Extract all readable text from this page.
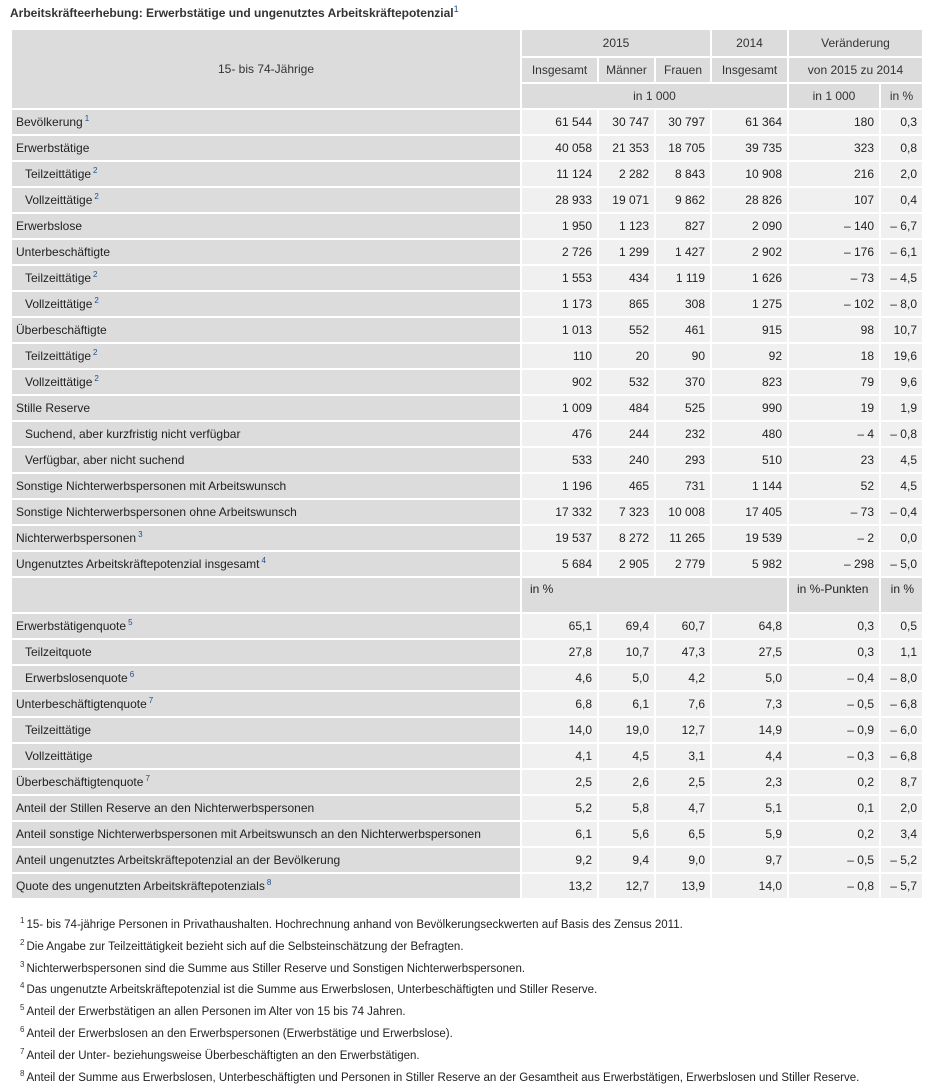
Arbeitskräfteerhebung: Erwerbstätige und ungenutztes Arbeitskräftepotenzial$^1$
15- bis 74-Jährige	2015			2014	Veränderung	
	Insgesamt	Männer	Frauen	Insgesamt	von 2015 zu 2014	
	in 1 000				in 1 000	in %
Bevölkerung $^1$	61 544	30 747	30 797	61 364	180	0,3
Erwerbstätige	40 058	21 353	18 705	39 735	323	0,8
Teilzeittätige $^2$	11 124	2 282	8 843	10 908	216	2,0
Vollzeittätige $^2$	28 933	19 071	9 862	28 826	107	0,4
Erwerbslose	1 950	1 123	827	2 090	– 140	– 6,7
Unterbeschäftigte	2 726	1 299	1 427	2 902	– 176	– 6,1
Teilzeittätige $^2$	1 553	434	1 119	1 626	– 73	– 4,5
Vollzeittätige $^2$	1 173	865	308	1 275	– 102	– 8,0
Überbeschäftigte	1 013	552	461	915	98	10,7
Teilzeittätige $^2$	110	20	90	92	18	19,6
Vollzeittätige $^2$	902	532	370	823	79	9,6
Stille Reserve	1 009	484	525	990	19	1,9
Suchend, aber kurzfristig nicht verfügbar	476	244	232	480	– 4	– 0,8
Verfügbar, aber nicht suchend	533	240	293	510	23	4,5
Sonstige Nichterwerbspersonen mit Arbeitswunsch	1 196	465	731	1 144	52	4,5
Sonstige Nichterwerbspersonen ohne Arbeitswunsch	17 332	7 323	10 008	17 405	– 73	– 0,4
Nichterwerbspersonen $^3$	19 537	8 272	11 265	19 539	– 2	0,0
Ungenutztes Arbeitskräftepotenzial insgesamt $^4$	5 684	2 905	2 779	5 982	– 298	– 5,0
	in %				in %-Punkten	in %
Erwerbstätigenquote $^5$	65,1	69,4	60,7	64,8	0,3	0,5
Teilzeitquote	27,8	10,7	47,3	27,5	0,3	1,1
Erwerbslosenquote $^6$	4,6	5,0	4,2	5,0	– 0,4	– 8,0
Unterbeschäftigtenquote $^7$	6,8	6,1	7,6	7,3	– 0,5	– 6,8
Teilzeittätige	14,0	19,0	12,7	14,9	– 0,9	– 6,0
Vollzeittätige	4,1	4,5	3,1	4,4	– 0,3	– 6,8
Überbeschäftigtenquote $^7$	2,5	2,6	2,5	2,3	0,2	8,7
Anteil der Stillen Reserve an den Nichterwerbspersonen	5,2	5,8	4,7	5,1	0,1	2,0
Anteil sonstige Nichterwerbspersonen mit Arbeitswunsch an den Nichterwerbspersonen	6,1	5,6	6,5	5,9	0,2	3,4
Anteil ungenutztes Arbeitskräftepotenzial an der Bevölkerung	9,2	9,4	9,0	9,7	– 0,5	– 5,2
Quote des ungenutzten Arbeitskräftepotenzials $^8$	13,2	12,7	13,9	14,0	– 0,8	– 5,7
$^1$ 15- bis 74-jährige Personen in Privathaushalten. Hochrechnung anhand von Bevölkerungseckwerten auf Basis des Zensus 2011.
$^2$ Die Angabe zur Teilzeittätigkeit bezieht sich auf die Selbsteinschätzung der Befragten.
$^3$ Nichterwerbspersonen sind die Summe aus Stiller Reserve und Sonstigen Nichterwerbspersonen.
$^4$ Das ungenutzte Arbeitskräftepotenzial ist die Summe aus Erwerbslosen, Unterbeschäftigten und Stiller Reserve.
$^5$ Anteil der Erwerbstätigen an allen Personen im Alter von 15 bis 74 Jahren.
$^6$ Anteil der Erwerbslosen an den Erwerbspersonen (Erwerbstätige und Erwerbslose).
$^7$ Anteil der Unter- beziehungsweise Überbeschäftigten an den Erwerbstätigen.
$^8$ Anteil der Summe aus Erwerbslosen, Unterbeschäftigten und Personen in Stiller Reserve an der Gesamtheit aus Erwerbstätigen, Erwerbslosen und Stiller Reserve.
